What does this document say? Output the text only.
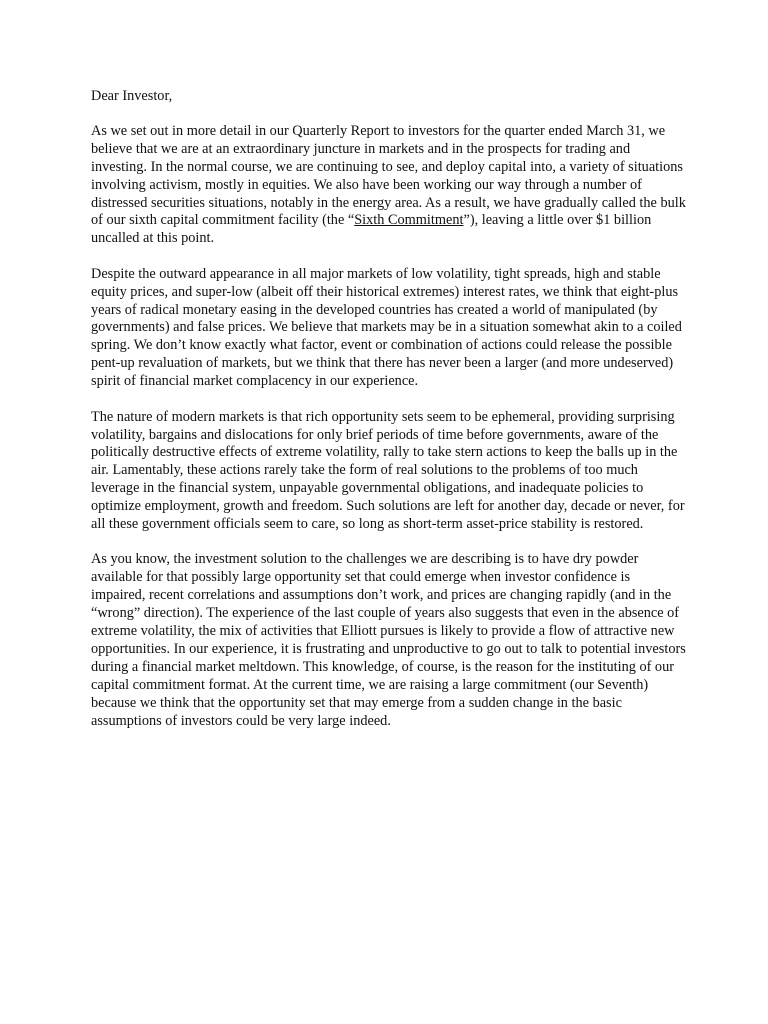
Dear Investor,

As we set out in more detail in our Quarterly Report to investors for the quarter ended March 31, we believe that we are at an extraordinary juncture in markets and in the prospects for trading and investing. In the normal course, we are continuing to see, and deploy capital into, a variety of situations involving activism, mostly in equities. We also have been working our way through a number of distressed securities situations, notably in the energy area. As a result, we have gradually called the bulk of our sixth capital commitment facility (the “Sixth Commitment”), leaving a little over $1 billion uncalled at this point.

Despite the outward appearance in all major markets of low volatility, tight spreads, high and stable equity prices, and super-low (albeit off their historical extremes) interest rates, we think that eight-plus years of radical monetary easing in the developed countries has created a world of manipulated (by governments) and false prices. We believe that markets may be in a situation somewhat akin to a coiled spring. We don’t know exactly what factor, event or combination of actions could release the possible pent-up revaluation of markets, but we think that there has never been a larger (and more undeserved) spirit of financial market complacency in our experience.

The nature of modern markets is that rich opportunity sets seem to be ephemeral, providing surprising volatility, bargains and dislocations for only brief periods of time before governments, aware of the politically destructive effects of extreme volatility, rally to take stern actions to keep the balls up in the air. Lamentably, these actions rarely take the form of real solutions to the problems of too much leverage in the financial system, unpayable governmental obligations, and inadequate policies to optimize employment, growth and freedom. Such solutions are left for another day, decade or never, for all these government officials seem to care, so long as short-term asset-price stability is restored.

As you know, the investment solution to the challenges we are describing is to have dry powder available for that possibly large opportunity set that could emerge when investor confidence is impaired, recent correlations and assumptions don’t work, and prices are changing rapidly (and in the “wrong” direction). The experience of the last couple of years also suggests that even in the absence of extreme volatility, the mix of activities that Elliott pursues is likely to provide a flow of attractive new opportunities. In our experience, it is frustrating and unproductive to go out to talk to potential investors during a financial market meltdown. This knowledge, of course, is the reason for the instituting of our capital commitment format. At the current time, we are raising a large commitment (our Seventh) because we think that the opportunity set that may emerge from a sudden change in the basic assumptions of investors could be very large indeed.
